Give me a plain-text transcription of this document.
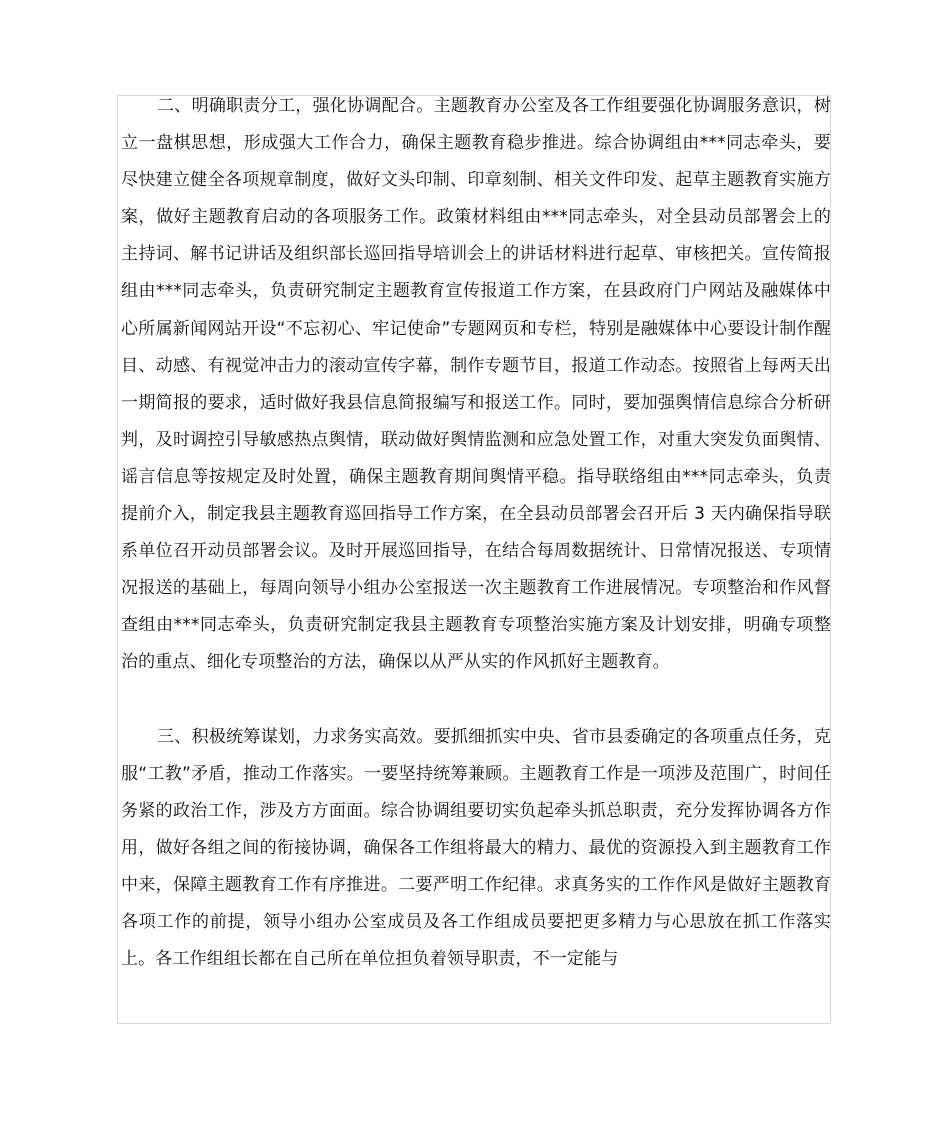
二、明确职责分工，强化协调配合。主题教育办公室及各工作组要强化协调服务意识，树立一盘棋思想，形成强大工作合力，确保主题教育稳步推进。综合协调组由***同志牵头，要尽快建立健全各项规章制度，做好文头印制、印章刻制、相关文件印发、起草主题教育实施方案，做好主题教育启动的各项服务工作。政策材料组由***同志牵头，对全县动员部署会上的主持词、解书记讲话及组织部长巡回指导培训会上的讲话材料进行起草、审核把关。宣传简报组由***同志牵头，负责研究制定主题教育宣传报道工作方案，在县政府门户网站及融媒体中心所属新闻网站开设“不忘初心、牢记使命”专题网页和专栏，特别是融媒体中心要设计制作醒目、动感、有视觉冲击力的滚动宣传字幕，制作专题节目，报道工作动态。按照省上每两天出一期简报的要求，适时做好我县信息简报编写和报送工作。同时，要加强舆情信息综合分析研判，及时调控引导敏感热点舆情，联动做好舆情监测和应急处置工作，对重大突发负面舆情、谣言信息等按规定及时处置，确保主题教育期间舆情平稳。指导联络组由***同志牵头，负责提前介入，制定我县主题教育巡回指导工作方案，在全县动员部署会召开后 3 天内确保指导联系单位召开动员部署会议。及时开展巡回指导，在结合每周数据统计、日常情况报送、专项情况报送的基础上，每周向领导小组办公室报送一次主题教育工作进展情况。专项整治和作风督查组由***同志牵头，负责研究制定我县主题教育专项整治实施方案及计划安排，明确专项整治的重点、细化专项整治的方法，确保以从严从实的作风抓好主题教育。

三、积极统筹谋划，力求务实高效。要抓细抓实中央、省市县委确定的各项重点任务，克服“工教”矛盾，推动工作落实。一要坚持统筹兼顾。主题教育工作是一项涉及范围广，时间任务紧的政治工作，涉及方方面面。综合协调组要切实负起牵头抓总职责，充分发挥协调各方作用，做好各组之间的衔接协调，确保各工作组将最大的精力、最优的资源投入到主题教育工作中来，保障主题教育工作有序推进。二要严明工作纪律。求真务实的工作作风是做好主题教育各项工作的前提，领导小组办公室成员及各工作组成员要把更多精力与心思放在抓工作落实上。各工作组组长都在自己所在单位担负着领导职责，不一定能与
